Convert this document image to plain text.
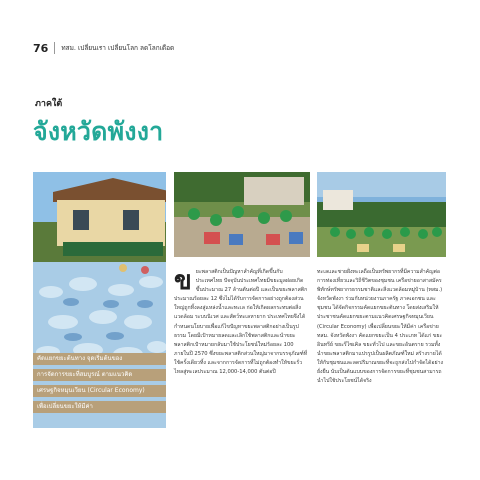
76 ทสม. เปลี่ยนเรา เปลี่ยนโลก ลดโลกเดือด
ภาคใต้
จังหวัดพังงา
คัดแยกขยะต้นทาง จุดเริ่มต้นของ
การจัดการขยะที่สมบูรณ์ ตามแนวคิด
เศรษฐกิจหมุนเวียน (Circular Economy)
เพื่อเปลี่ยนขยะให้มีค่า
ข ยะพลาสติกเป็นปัญหาสำคัญที่เกิดขึ้นกับประเทศไทย ปัจจุบันประเทศไทยมีขยะมูลฝอยเกิดขึ้นประมาณ 27 ล้านตันต่อปี และเป็นขยะพลาสติกประมาณร้อยละ 12 ซึ่งไม่ได้รับการจัดการอย่างถูกต้องส่วนใหญ่ถูกทิ้งลงสู่แหล่งน้ำและทะเล ก่อให้เกิดผลกระทบต่อสิ่งแวดล้อม ระบบนิเวศ และสัตว์ทะเลหายาก ประเทศไทยจึงได้กำหนดนโยบายเพื่อแก้ไขปัญหาขยะพลาสติกอย่างเป็นรูปธรรม โดยมีเป้าหมายลดและเลิกใช้พลาสติกและนำขยะพลาสติกเป้าหมายกลับมาใช้ประโยชน์ใหม่ร้อยละ 100 ภายในปี 2570 ซึ่งขยะพลาสติกส่วนใหญ่มาจากบรรจุภัณฑ์ที่ใช้ครั้งเดียวทิ้ง และจากการจัดการที่ไม่ถูกต้องทำให้ขยะรั่วไหลสู่ทะเลประมาณ 12,000-14,000 ตันต่อปี
ทะเลและชายฝั่งทะเลถือเป็นทรัพยากรที่มีความสำคัญต่อการท่องเที่ยวและวิถีชีวิตของชุมชน เครือข่ายอาสาสมัครพิทักษ์ทรัพยากรธรรมชาติและสิ่งแวดล้อมหมู่บ้าน (ทสม.) จังหวัดพังงา ร่วมกับหน่วยงานภาครัฐ ภาคเอกชน และชุมชน ได้จัดกิจกรรมคัดแยกขยะต้นทาง โดยส่งเสริมให้ประชาชนคัดแยกขยะตามแนวคิดเศรษฐกิจหมุนเวียน (Circular Economy) เพื่อเปลี่ยนขยะให้มีค่า เครือข่าย ทสม. จังหวัดพังงา คัดแยกขยะเป็น 4 ประเภท ได้แก่ ขยะอินทรีย์ ขยะรีไซเคิล ขยะทั่วไป และขยะอันตราย รวมทั้งนำขยะพลาสติกมาแปรรูปเป็นผลิตภัณฑ์ใหม่ สร้างรายได้ให้กับชุมชนและลดปริมาณขยะที่จะถูกส่งไปกำจัดได้อย่างยั่งยืน นับเป็นต้นแบบของการจัดการขยะที่ชุมชนสามารถนำไปใช้ประโยชน์ได้จริง
